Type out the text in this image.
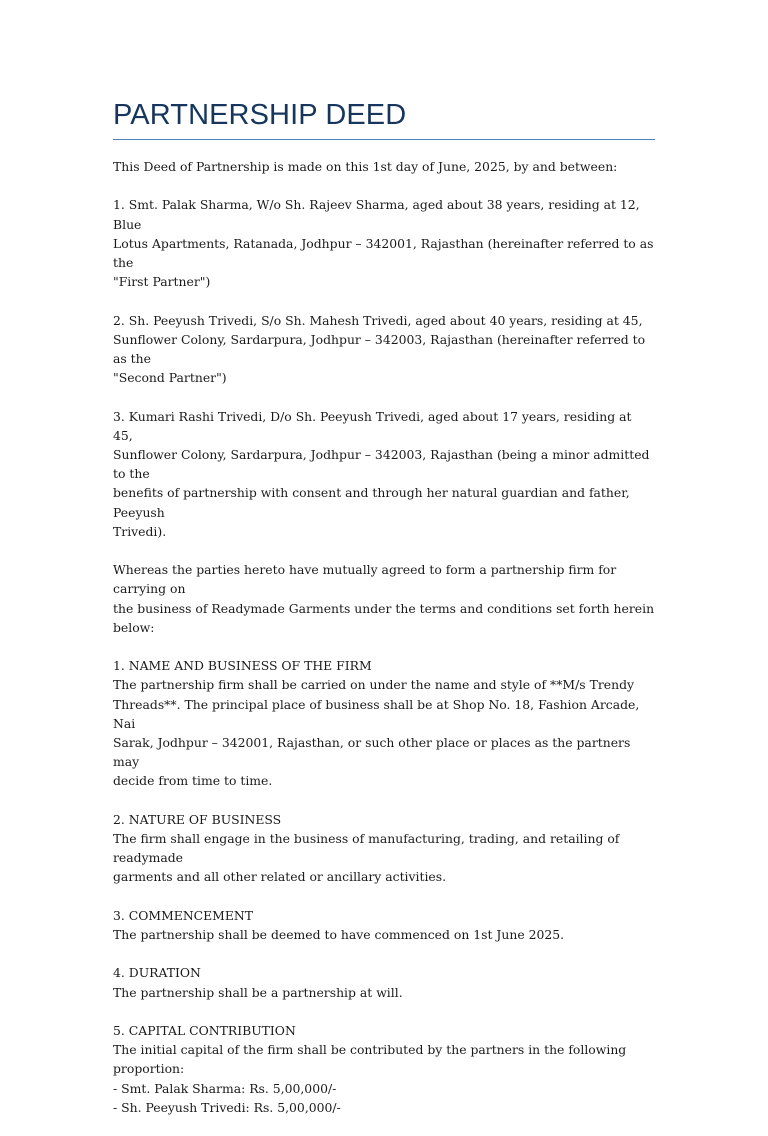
PARTNERSHIP DEED

This Deed of Partnership is made on this 1st day of June, 2025, by and between:

1. Smt. Palak Sharma, W/o Sh. Rajeev Sharma, aged about 38 years, residing at 12, Blue
Lotus Apartments, Ratanada, Jodhpur – 342001, Rajasthan (hereinafter referred to as the
"First Partner")

2. Sh. Peeyush Trivedi, S/o Sh. Mahesh Trivedi, aged about 40 years, residing at 45,
Sunflower Colony, Sardarpura, Jodhpur – 342003, Rajasthan (hereinafter referred to as the
"Second Partner")

3. Kumari Rashi Trivedi, D/o Sh. Peeyush Trivedi, aged about 17 years, residing at 45,
Sunflower Colony, Sardarpura, Jodhpur – 342003, Rajasthan (being a minor admitted to the
benefits of partnership with consent and through her natural guardian and father, Peeyush
Trivedi).

Whereas the parties hereto have mutually agreed to form a partnership firm for carrying on
the business of Readymade Garments under the terms and conditions set forth herein
below:

1. NAME AND BUSINESS OF THE FIRM
The partnership firm shall be carried on under the name and style of **M/s Trendy
Threads**. The principal place of business shall be at Shop No. 18, Fashion Arcade, Nai
Sarak, Jodhpur – 342001, Rajasthan, or such other place or places as the partners may
decide from time to time.
2. NATURE OF BUSINESS
The firm shall engage in the business of manufacturing, trading, and retailing of readymade
garments and all other related or ancillary activities.
3. COMMENCEMENT
The partnership shall be deemed to have commenced on 1st June 2025.
4. DURATION
The partnership shall be a partnership at will.
5. CAPITAL CONTRIBUTION
The initial capital of the firm shall be contributed by the partners in the following
proportion:
- Smt. Palak Sharma: Rs. 5,00,000/-
- Sh. Peeyush Trivedi: Rs. 5,00,000/-
